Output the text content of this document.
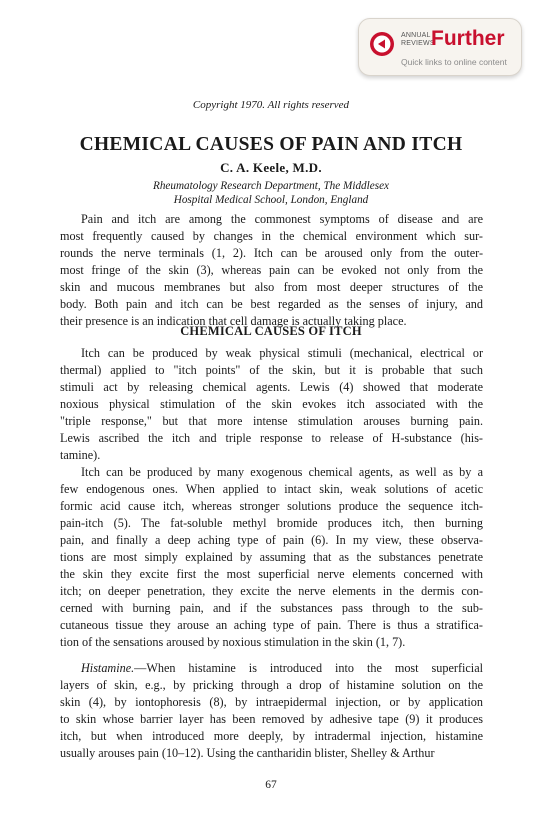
ANNUAL
REVIEWS
Further
Quick links to online content
Copyright 1970. All rights reserved
CHEMICAL CAUSES OF PAIN AND ITCH
C. A. Keele, M.D.
Rheumatology Research Department, The Middlesex
Hospital Medical School, London, England
Pain and itch are among the commonest symptoms of disease and are
most frequently caused by changes in the chemical environment which sur-
rounds the nerve terminals (1, 2). Itch can be aroused only from the outer-
most fringe of the skin (3), whereas pain can be evoked not only from the
skin and mucous membranes but also from most deeper structures of the
body. Both pain and itch can be best regarded as the senses of injury, and
their presence is an indication that cell damage is actually taking place.
CHEMICAL CAUSES OF ITCH
Itch can be produced by weak physical stimuli (mechanical, electrical or
thermal) applied to "itch points" of the skin, but it is probable that such
stimuli act by releasing chemical agents. Lewis (4) showed that moderate
noxious physical stimulation of the skin evokes itch associated with the
"triple response," but that more intense stimulation arouses burning pain.
Lewis ascribed the itch and triple response to release of H-substance (his-
tamine).
Itch can be produced by many exogenous chemical agents, as well as by a
few endogenous ones. When applied to intact skin, weak solutions of acetic
formic acid cause itch, whereas stronger solutions produce the sequence itch-
pain-itch (5). The fat-soluble methyl bromide produces itch, then burning
pain, and finally a deep aching type of pain (6). In my view, these observa-
tions are most simply explained by assuming that as the substances penetrate
the skin they excite first the most superficial nerve elements concerned with
itch; on deeper penetration, they excite the nerve elements in the dermis con-
cerned with burning pain, and if the substances pass through to the sub-
cutaneous tissue they arouse an aching type of pain. There is thus a stratifica-
tion of the sensations aroused by noxious stimulation in the skin (1, 7).
Histamine.—When histamine is introduced into the most superficial
layers of skin, e.g., by pricking through a drop of histamine solution on the
skin (4), by iontophoresis (8), by intraepidermal injection, or by application
to skin whose barrier layer has been removed by adhesive tape (9) it produces
itch, but when introduced more deeply, by intradermal injection, histamine
usually arouses pain (10–12). Using the cantharidin blister, Shelley & Arthur
67
